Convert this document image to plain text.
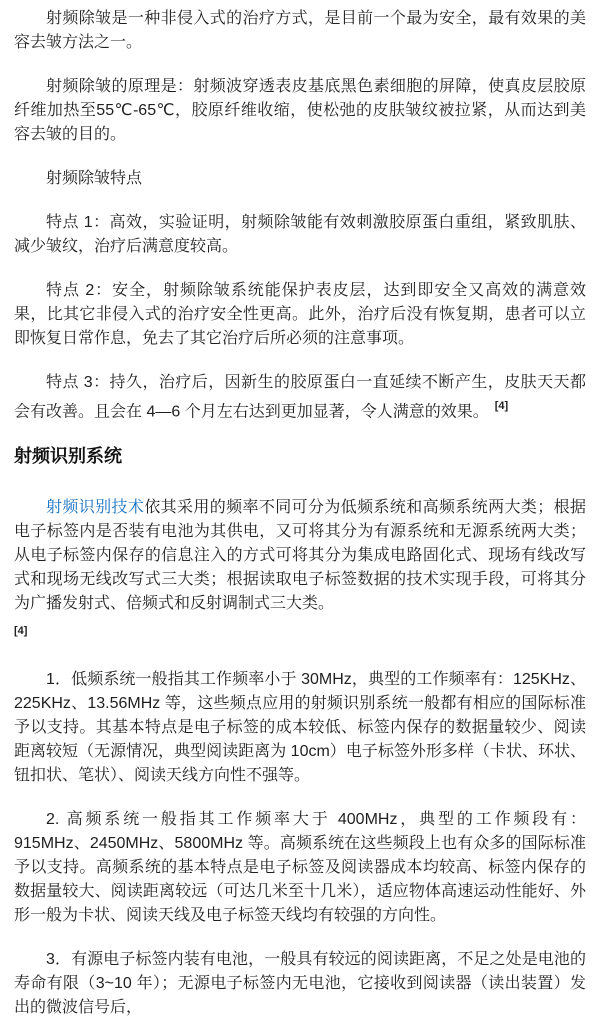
射频除皱是一种非侵入式的治疗方式，是目前一个最为安全，最有效果的美容去皱方法之一。

射频除皱的原理是：射频波穿透表皮基底黑色素细胞的屏障，使真皮层胶原纤维加热至55℃-65℃，胶原纤维收缩，使松弛的皮肤皱纹被拉紧，从而达到美容去皱的目的。

射频除皱特点

特点 1：高效，实验证明，射频除皱能有效刺激胶原蛋白重组，紧致肌肤、减少皱纹，治疗后满意度较高。

特点 2：安全，射频除皱系统能保护表皮层，达到即安全又高效的满意效果，比其它非侵入式的治疗安全性更高。此外，治疗后没有恢复期，患者可以立即恢复日常作息，免去了其它治疗后所必须的注意事项。

特点 3：持久，治疗后，因新生的胶原蛋白一直延续不断产生，皮肤天天都会有改善。且会在 4—6 个月左右达到更加显著，令人满意的效果。 [4]

射频识别系统

射频识别技术依其采用的频率不同可分为低频系统和高频系统两大类；根据电子标签内是否装有电池为其供电，又可将其分为有源系统和无源系统两大类；从电子标签内保存的信息注入的方式可将其分为集成电路固化式、现场有线改写式和现场无线改写式三大类；根据读取电子标签数据的技术实现手段，可将其分为广播发射式、倍频式和反射调制式三大类。

[4]

1．低频系统一般指其工作频率小于 30MHz，典型的工作频率有：125KHz、225KHz、13.56MHz 等，这些频点应用的射频识别系统一般都有相应的国际标准予以支持。其基本特点是电子标签的成本较低、标签内保存的数据量较少、阅读距离较短（无源情况，典型阅读距离为 10cm）电子标签外形多样（卡状、环状、钮扣状、笔状）、阅读天线方向性不强等。

2. 高频系统一般指其工作频率大于 400MHz，典型的工作频段有：915MHz、2450MHz、5800MHz 等。高频系统在这些频段上也有众多的国际标准予以支持。高频系统的基本特点是电子标签及阅读器成本均较高、标签内保存的数据量较大、阅读距离较远（可达几米至十几米），适应物体高速运动性能好、外形一般为卡状、阅读天线及电子标签天线均有较强的方向性。

3．有源电子标签内装有电池，一般具有较远的阅读距离，不足之处是电池的寿命有限（3~10 年）；无源电子标签内无电池，它接收到阅读器（读出装置）发出的微波信号后，
